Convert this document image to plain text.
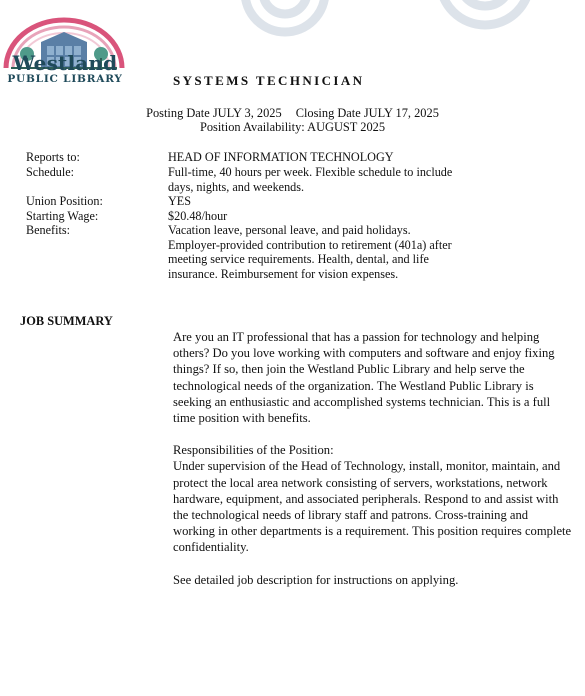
Westland
PUBLIC LIBRARY	SYSTEMS TECHNICIAN
Posting Date JULY 3, 2025 Closing Date JULY 17, 2025
Position Availability: AUGUST 2025
Reports to:	HEAD OF INFORMATION TECHNOLOGY
Schedule:	Full-time, 40 hours per week. Flexible schedule to include
days, nights, and weekends.
Union Position:	YES
Starting Wage:	$20.48/hour
Benefits:	Vacation leave, personal leave, and paid holidays.
Employer-provided contribution to retirement (401a) after
meeting service requirements. Health, dental, and life
insurance. Reimbursement for vision expenses.
JOB SUMMARY

Are you an IT professional that has a passion for technology and helping others? Do you love working with computers and software and enjoy fixing things? If so, then join the Westland Public Library and help serve the technological needs of the organization. The Westland Public Library is seeking an enthusiastic and accomplished systems technician. This is a full time position with benefits.

Responsibilities of the Position:

Under supervision of the Head of Technology, install, monitor, maintain, and protect the local area network consisting of servers, workstations, network hardware, equipment, and associated peripherals. Respond to and assist with the technological needs of library staff and patrons. Cross-training and working in other departments is a requirement. This position requires complete confidentiality.

See detailed job description for instructions on applying.
